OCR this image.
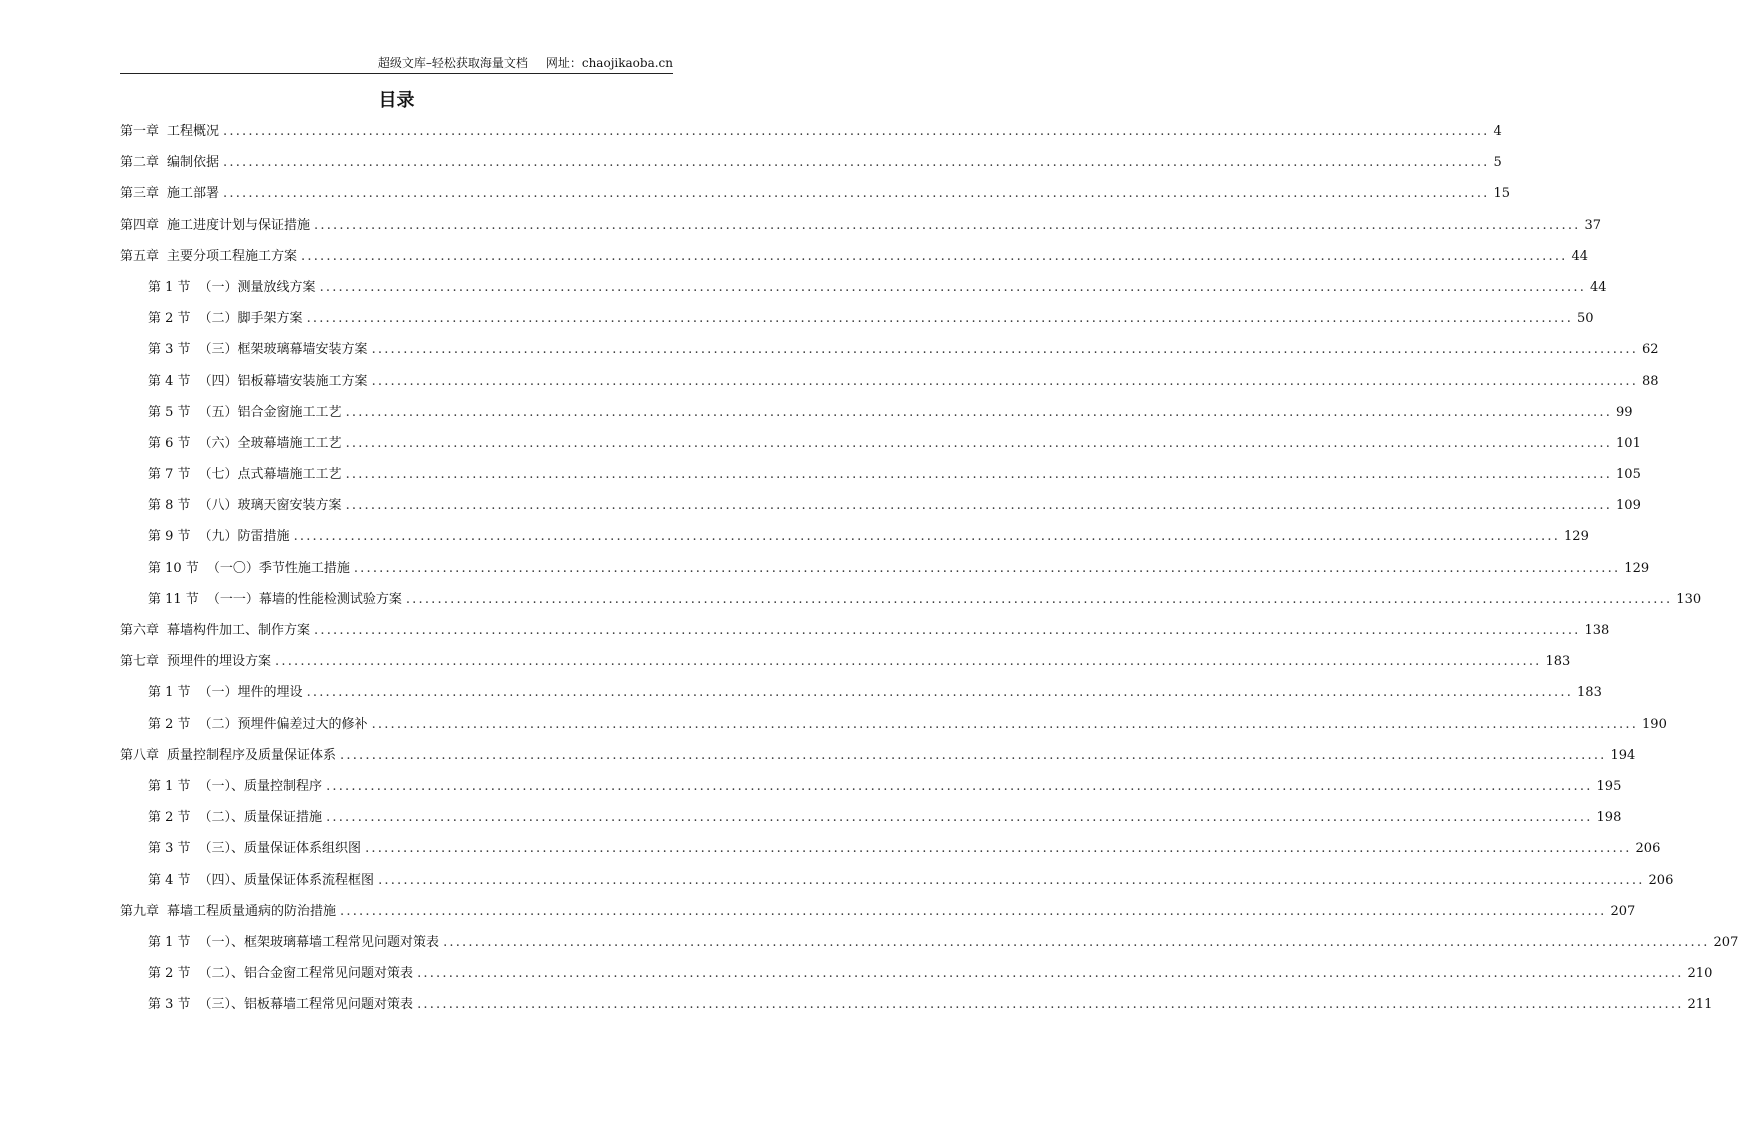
超级文库–轻松获取海量文档 网址：chaojikaoba.cn
目录
第一章 工程概况 ........................................................................................................................................................................................................ 4
第二章 编制依据 ........................................................................................................................................................................................................ 5
第三章 施工部署 ........................................................................................................................................................................................................ 15
第四章 施工进度计划与保证措施 ........................................................................................................................................................................................................ 37
第五章 主要分项工程施工方案 ........................................................................................................................................................................................................ 44
第 1 节 （一）测量放线方案 ........................................................................................................................................................................................................ 44
第 2 节 （二）脚手架方案 ........................................................................................................................................................................................................ 50
第 3 节 （三）框架玻璃幕墙安装方案 ........................................................................................................................................................................................................ 62
第 4 节 （四）铝板幕墙安装施工方案 ........................................................................................................................................................................................................ 88
第 5 节 （五）铝合金窗施工工艺 ........................................................................................................................................................................................................ 99
第 6 节 （六）全玻幕墙施工工艺 ........................................................................................................................................................................................................ 101
第 7 节 （七）点式幕墙施工工艺 ........................................................................................................................................................................................................ 105
第 8 节 （八）玻璃天窗安装方案 ........................................................................................................................................................................................................ 109
第 9 节 （九）防雷措施 ........................................................................................................................................................................................................ 129
第 10 节 （一〇）季节性施工措施 ........................................................................................................................................................................................................ 129
第 11 节 （一一）幕墙的性能检测试验方案 ........................................................................................................................................................................................................ 130
第六章 幕墙构件加工、制作方案 ........................................................................................................................................................................................................ 138
第七章 预埋件的埋设方案 ........................................................................................................................................................................................................ 183
第 1 节 （一）埋件的埋设 ........................................................................................................................................................................................................ 183
第 2 节 （二）预埋件偏差过大的修补 ........................................................................................................................................................................................................ 190
第八章 质量控制程序及质量保证体系 ........................................................................................................................................................................................................ 194
第 1 节 （一）、质量控制程序 ........................................................................................................................................................................................................ 195
第 2 节 （二）、质量保证措施 ........................................................................................................................................................................................................ 198
第 3 节 （三）、质量保证体系组织图 ........................................................................................................................................................................................................ 206
第 4 节 （四）、质量保证体系流程框图 ........................................................................................................................................................................................................ 206
第九章 幕墙工程质量通病的防治措施 ........................................................................................................................................................................................................ 207
第 1 节 （一）、框架玻璃幕墙工程常见问题对策表 ........................................................................................................................................................................................................ 207
第 2 节 （二）、铝合金窗工程常见问题对策表 ........................................................................................................................................................................................................ 210
第 3 节 （三）、铝板幕墙工程常见问题对策表 ........................................................................................................................................................................................................ 211
